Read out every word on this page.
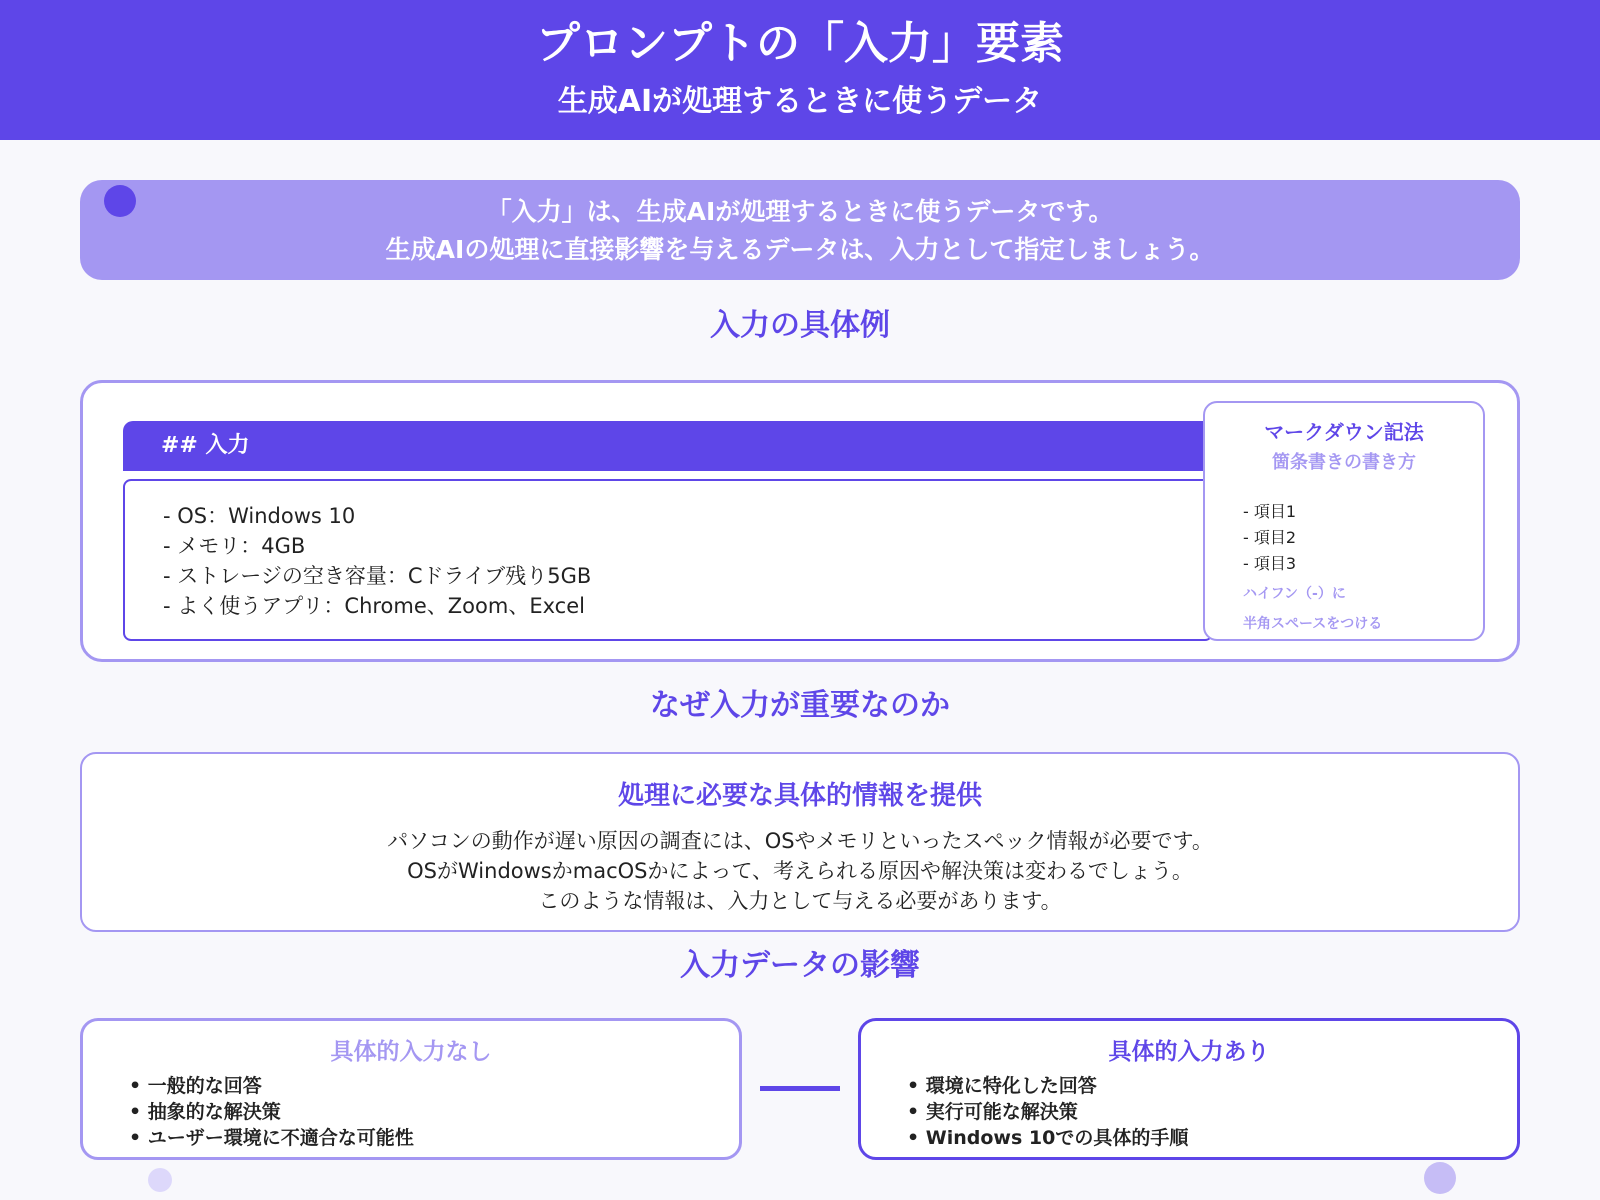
プロンプトの「入力」要素
生成AIが処理するときに使うデータ
「入力」は、生成AIが処理するときに使うデータです。
生成AIの処理に直接影響を与えるデータは、入力として指定しましょう。
入力の具体例
## 入力
- OS：Windows 10
- メモリ：4GB
- ストレージの空き容量：Cドライブ残り5GB
- よく使うアプリ：Chrome、Zoom、Excel
マークダウン記法
箇条書きの書き方
- 項目1
- 項目2
- 項目3
ハイフン（-）に
半角スペースをつける
なぜ入力が重要なのか
処理に必要な具体的情報を提供
パソコンの動作が遅い原因の調査には、OSやメモリといったスペック情報が必要です。
OSがWindowsかmacOSかによって、考えられる原因や解決策は変わるでしょう。
このような情報は、入力として与える必要があります。
入力データの影響
具体的入力なし
• 一般的な回答
• 抽象的な解決策
• ユーザー環境に不適合な可能性
具体的入力あり
• 環境に特化した回答
• 実行可能な解決策
• Windows 10での具体的手順
